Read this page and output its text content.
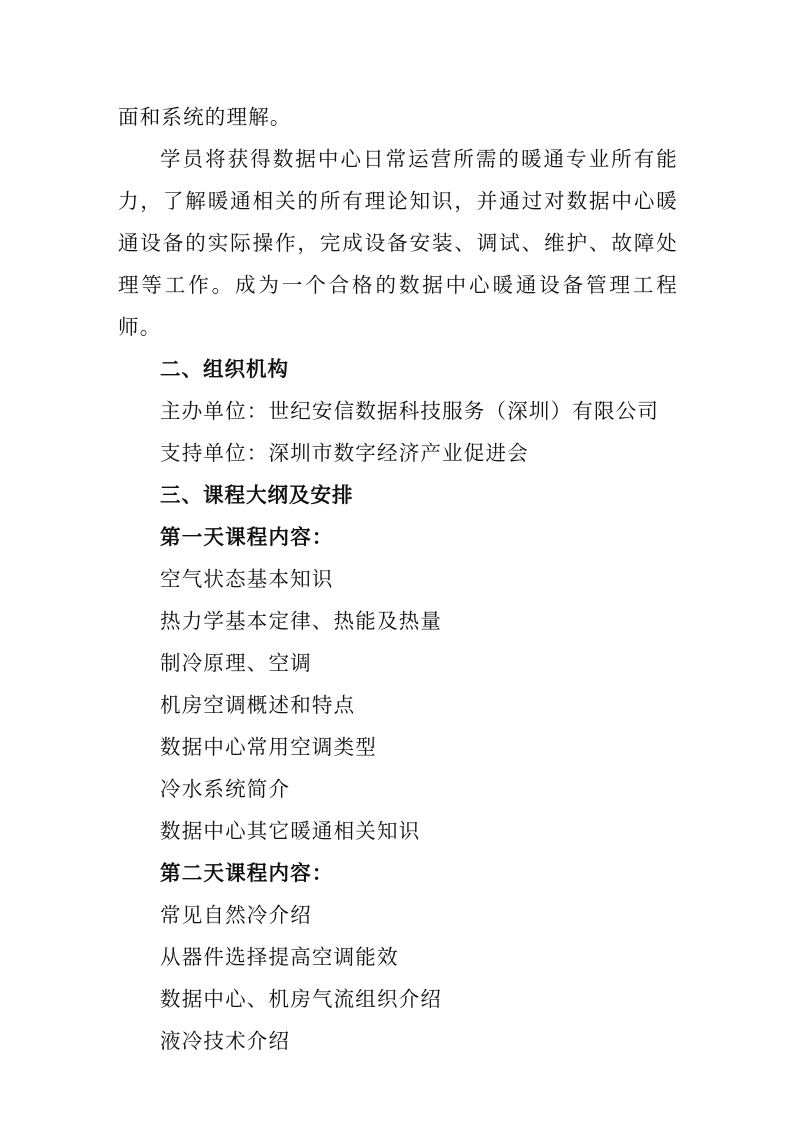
面和系统的理解。

学员将获得数据中心日常运营所需的暖通专业所有能力，了解暖通相关的所有理论知识，并通过对数据中心暖通设备的实际操作，完成设备安装、调试、维护、故障处理等工作。成为一个合格的数据中心暖通设备管理工程师。

二、组织机构

主办单位：世纪安信数据科技服务（深圳）有限公司

支持单位：深圳市数字经济产业促进会

三、课程大纲及安排

第一天课程内容：

空气状态基本知识

热力学基本定律、热能及热量

制冷原理、空调

机房空调概述和特点

数据中心常用空调类型

冷水系统简介

数据中心其它暖通相关知识

第二天课程内容：

常见自然冷介绍

从器件选择提高空调能效

数据中心、机房气流组织介绍

液冷技术介绍
